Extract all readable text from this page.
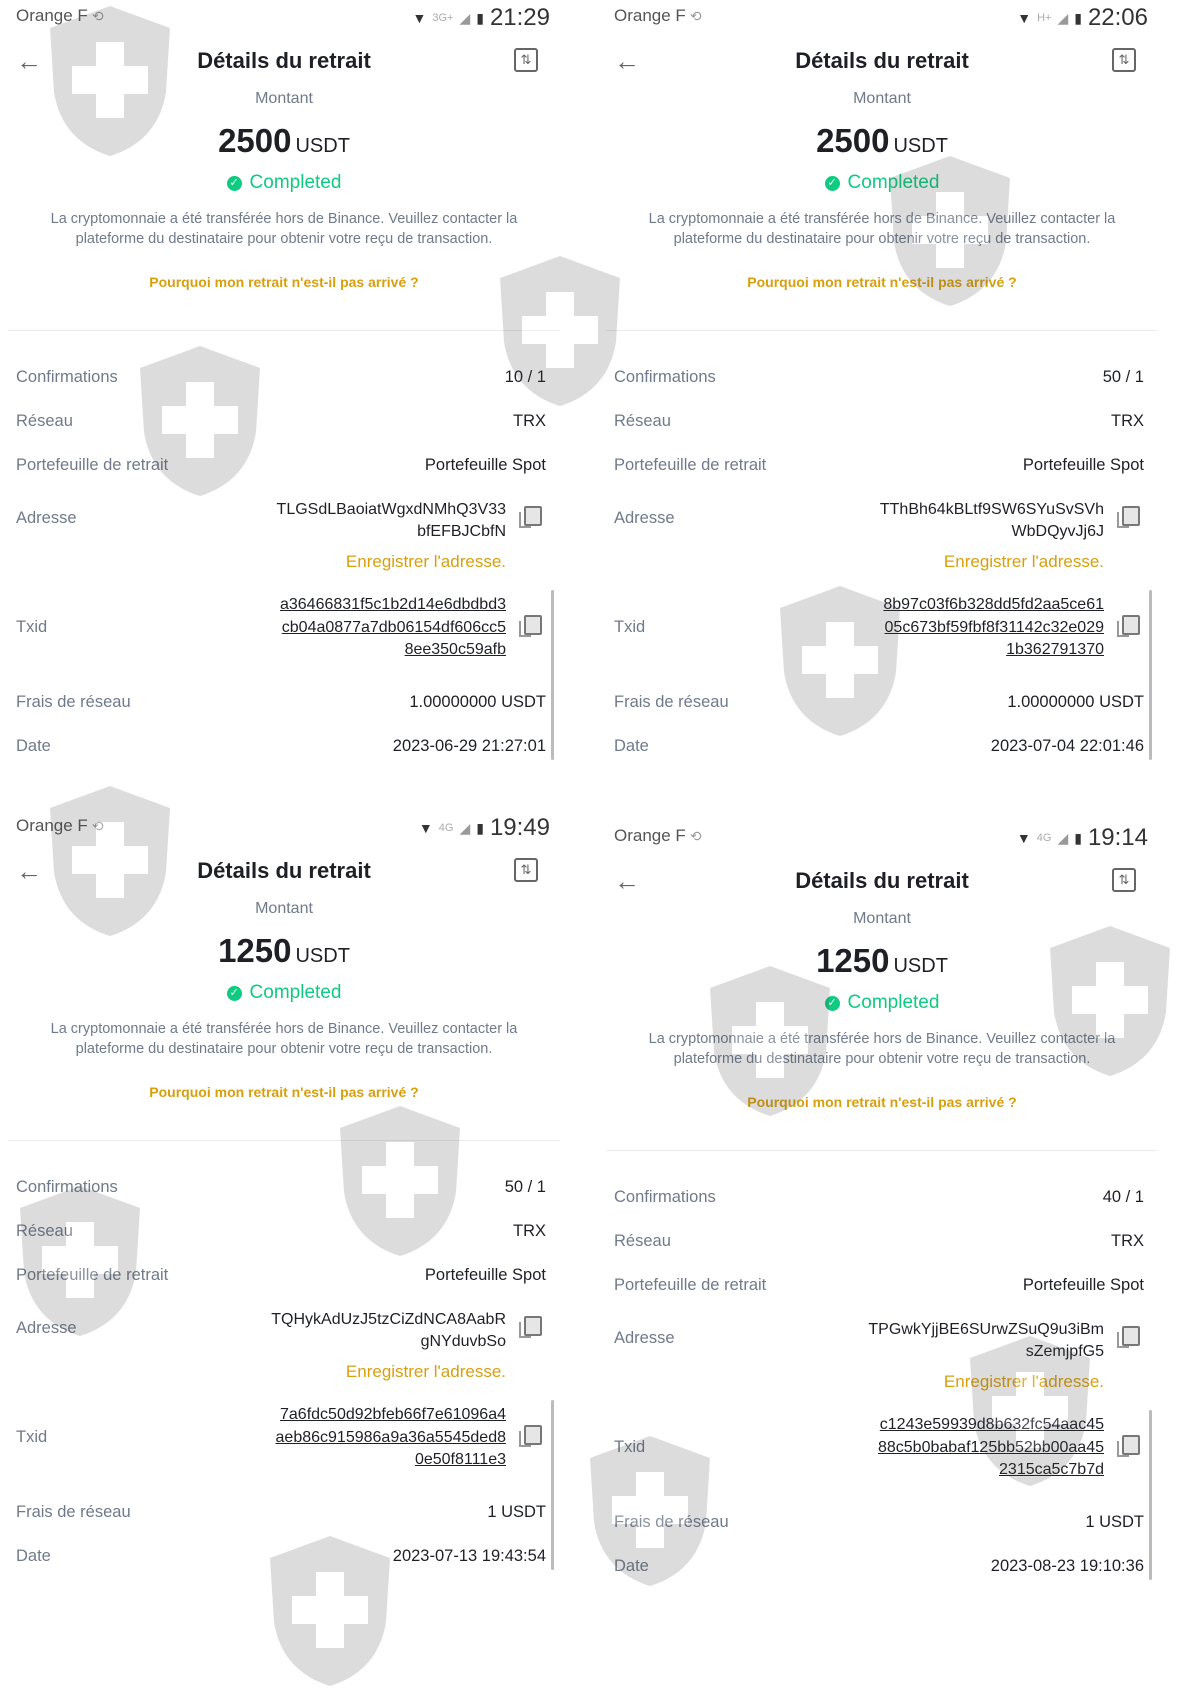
Orange F ⟲	▼ 3G+ ◢ ▮ 21:29
←	Détails du retrait	⇅
Montant
2500 USDT
✓ Completed
La cryptomonnaie a été transférée hors de Binance. Veuillez contacter la plateforme du destinataire pour obtenir votre reçu de transaction.
Pourquoi mon retrait n'est-il pas arrivé ?
Confirmations	10 / 1
Réseau	TRX
Portefeuille de retrait	Portefeuille Spot
Adresse	TLGSdLBaoiatWgxdNMhQ3V33
bfEFBJCbfN
Enregistrer l'adresse.
Txid
a36466831f5c1b2d14e6dbdbd3
cb04a0877a7db06154df606cc5
8ee350c59afb
Frais de réseau	1.00000000 USDT
Date	2023-06-29 21:27:01
Orange F ⟲	▼ H+ ◢ ▮ 22:06
←	Détails du retrait	⇅
Montant
2500 USDT
✓ Completed
La cryptomonnaie a été transférée hors de Binance. Veuillez contacter la plateforme du destinataire pour obtenir votre reçu de transaction.
Pourquoi mon retrait n'est-il pas arrivé ?
Confirmations	50 / 1
Réseau	TRX
Portefeuille de retrait	Portefeuille Spot
Adresse	TThBh64kBLtf9SW6SYuSvSVh
WbDQyvJj6J
Enregistrer l'adresse.
Txid
8b97c03f6b328dd5fd2aa5ce61
05c673bf59fbf8f31142c32e029
1b362791370
Frais de réseau	1.00000000 USDT
Date	2023-07-04 22:01:46
Orange F ⟲	▼ 4G ◢ ▮ 19:49
←	Détails du retrait	⇅
Montant
1250 USDT
✓ Completed
La cryptomonnaie a été transférée hors de Binance. Veuillez contacter la plateforme du destinataire pour obtenir votre reçu de transaction.
Pourquoi mon retrait n'est-il pas arrivé ?
Confirmations	50 / 1
Réseau	TRX
Portefeuille de retrait	Portefeuille Spot
Adresse	TQHykAdUzJ5tzCiZdNCA8AabR
gNYduvbSo
Enregistrer l'adresse.
Txid
7a6fdc50d92bfeb66f7e61096a4
aeb86c915986a9a36a5545ded8
0e50f8111e3
Frais de réseau	1 USDT
Date	2023-07-13 19:43:54
Orange F ⟲	▼ 4G ◢ ▮ 19:14
←	Détails du retrait	⇅
Montant
1250 USDT
✓ Completed
La cryptomonnaie a été transférée hors de Binance. Veuillez contacter la plateforme du destinataire pour obtenir votre reçu de transaction.
Pourquoi mon retrait n'est-il pas arrivé ?
Confirmations	40 / 1
Réseau	TRX
Portefeuille de retrait	Portefeuille Spot
Adresse	TPGwkYjjBE6SUrwZSuQ9u3iBm
sZemjpfG5
Enregistrer l'adresse.
Txid
c1243e59939d8b632fc54aac45
88c5b0babaf125bb52bb00aa45
2315ca5c7b7d
Frais de réseau	1 USDT
Date	2023-08-23 19:10:36
